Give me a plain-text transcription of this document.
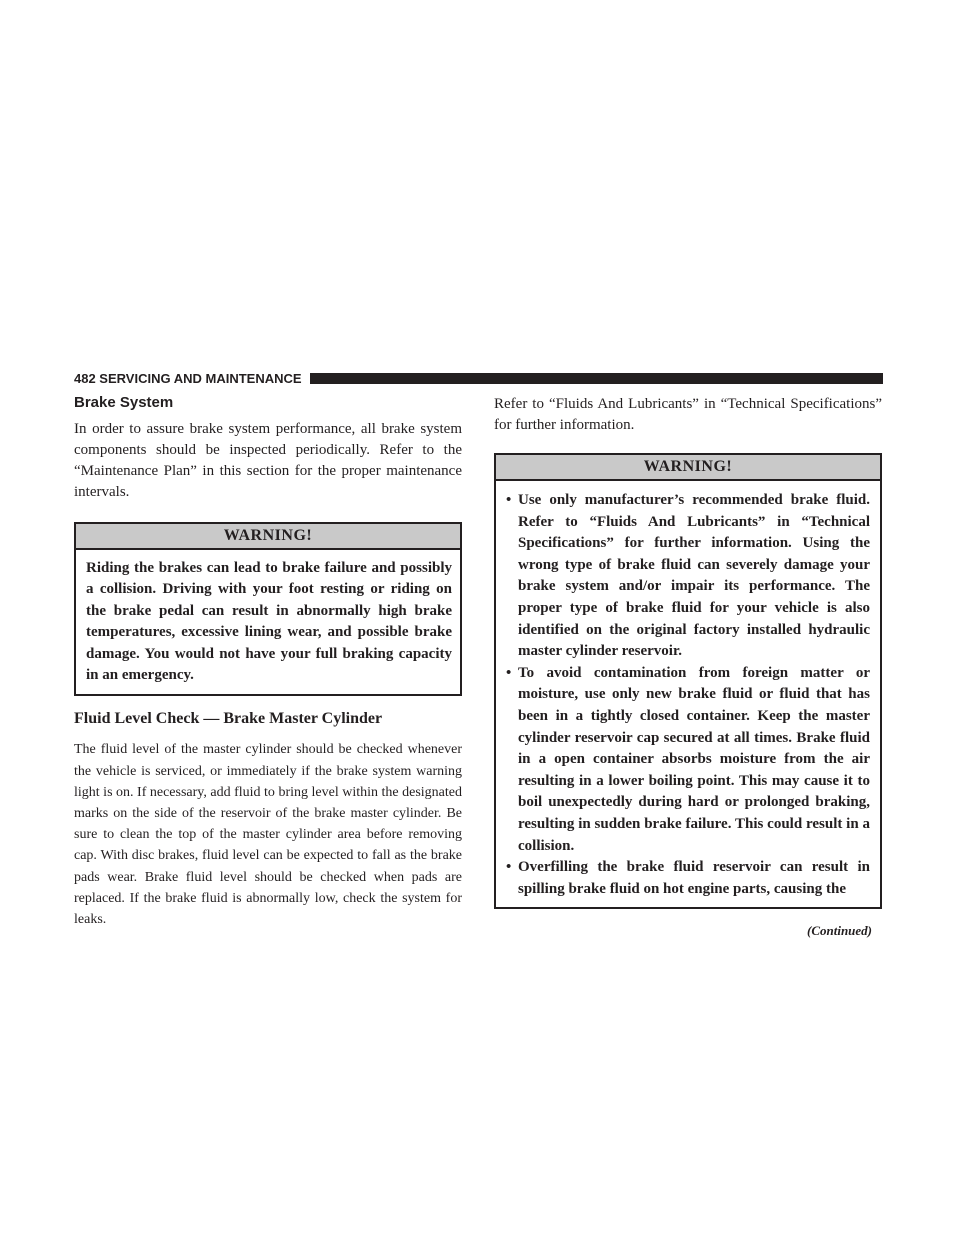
482 SERVICING AND MAINTENANCE
Brake System

In order to assure brake system performance, all brake system components should be inspected periodically. Refer to the “Maintenance Plan” in this section for the proper maintenance intervals.

WARNING!
Riding the brakes can lead to brake failure and possibly a collision. Driving with your foot resting or riding on the brake pedal can result in abnormally high brake temperatures, excessive lining wear, and possible brake damage. You would not have your full braking capacity in an emergency.
Fluid Level Check — Brake Master Cylinder

The fluid level of the master cylinder should be checked whenever the vehicle is serviced, or immediately if the brake system warning light is on. If necessary, add fluid to bring level within the designated marks on the side of the reservoir of the brake master cylinder. Be sure to clean the top of the master cylinder area before removing cap. With disc brakes, fluid level can be expected to fall as the brake pads wear. Brake fluid level should be checked when pads are replaced. If the brake fluid is abnormally low, check the system for leaks.

Refer to “Fluids And Lubricants” in “Technical Specifications” for further information.

WARNING!
• Use only manufacturer’s recommended brake fluid. Refer to “Fluids And Lubricants” in “Technical Specifications” for further information. Using the wrong type of brake fluid can severely damage your brake system and/or impair its performance. The proper type of brake fluid for your vehicle is also identified on the original factory installed hydraulic master cylinder reservoir.
• To avoid contamination from foreign matter or moisture, use only new brake fluid or fluid that has been in a tightly closed container. Keep the master cylinder reservoir cap secured at all times. Brake fluid in a open container absorbs moisture from the air resulting in a lower boiling point. This may cause it to boil unexpectedly during hard or prolonged braking, resulting in sudden brake failure. This could result in a collision.
• Overfilling the brake fluid reservoir can result in spilling brake fluid on hot engine parts, causing the
(Continued)
